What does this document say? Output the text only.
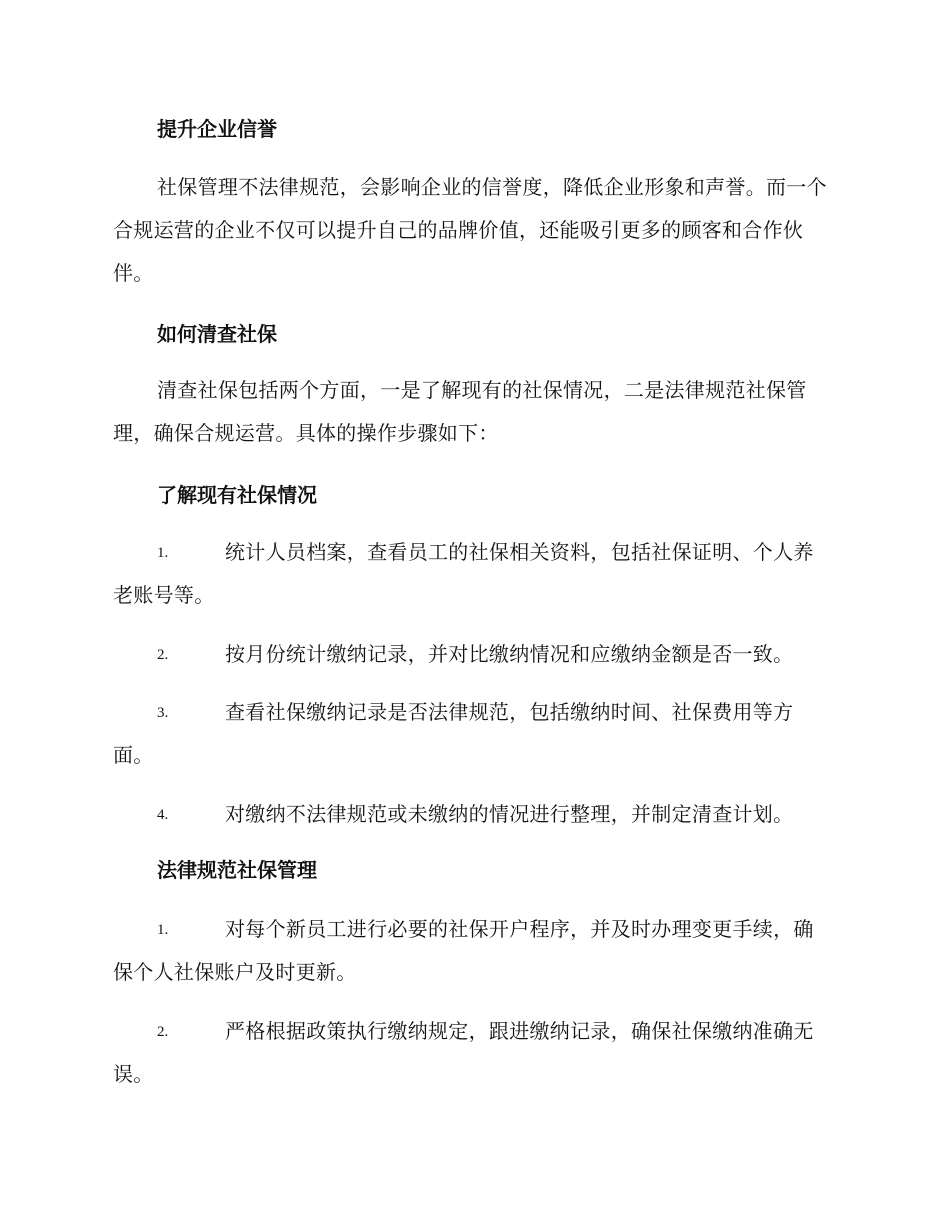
提升企业信誉
社保管理不法律规范，会影响企业的信誉度，降低企业形象和声誉。而一个合规运营的企业不仅可以提升自己的品牌价值，还能吸引更多的顾客和合作伙伴。
如何清查社保
清查社保包括两个方面，一是了解现有的社保情况，二是法律规范社保管理，确保合规运营。具体的操作步骤如下：
了解现有社保情况
1.	统计人员档案，查看员工的社保相关资料，包括社保证明、个人养老账号等。
2.	按月份统计缴纳记录，并对比缴纳情况和应缴纳金额是否一致。
3.	查看社保缴纳记录是否法律规范，包括缴纳时间、社保费用等方面。
4.	对缴纳不法律规范或未缴纳的情况进行整理，并制定清查计划。
法律规范社保管理
1.	对每个新员工进行必要的社保开户程序，并及时办理变更手续，确保个人社保账户及时更新。
2.	严格根据政策执行缴纳规定，跟进缴纳记录，确保社保缴纳准确无误。
